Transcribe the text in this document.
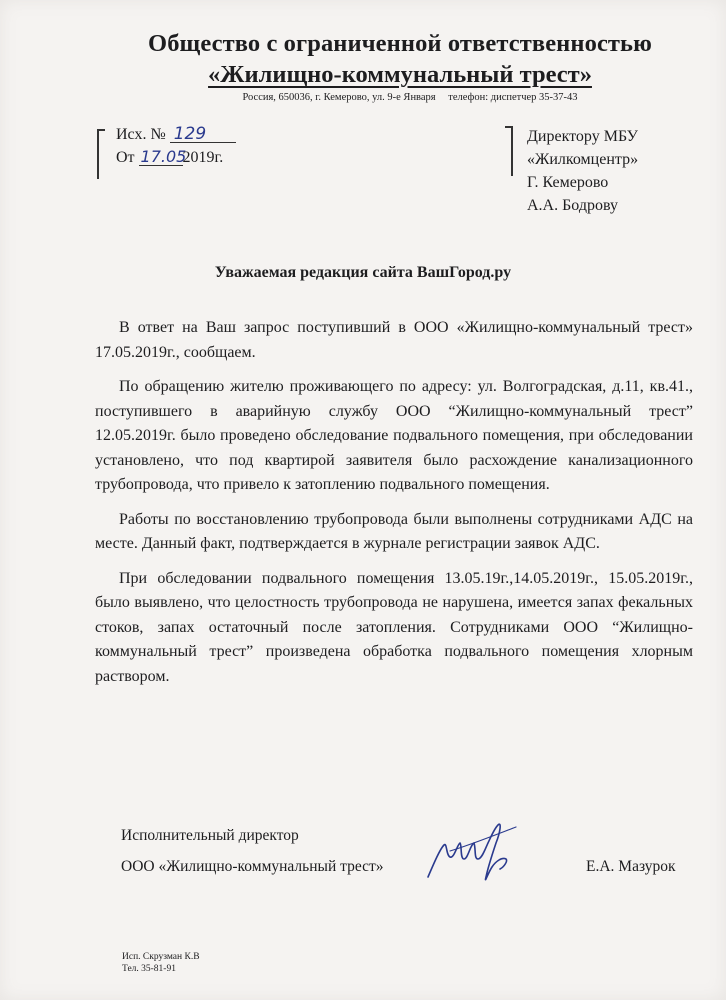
Общество с ограниченной ответственностью
«Жилищно-коммунальный трест»
Россия, 650036, г. Кемерово, ул. 9-е Января телефон: диспетчер 35-37-43
Исх. № 129
От 17.052019г.
Директору МБУ
«Жилкомцентр»
Г. Кемерово
А.А. Бодрову
Уважаемая редакция сайта ВашГород.ру

В ответ на Ваш запрос поступивший в ООО «Жилищно-коммунальный трест» 17.05.2019г., сообщаем.

По обращению жителю проживающего по адресу: ул. Волгоградская, д.11, кв.41., поступившего в аварийную службу ООО “Жилищно-коммунальный трест” 12.05.2019г. было проведено обследование подвального помещения, при обследовании установлено, что под квартирой заявителя было расхождение канализационного трубопровода, что привело к затоплению подвального помещения.

Работы по восстановлению трубопровода были выполнены сотрудниками АДС на месте. Данный факт, подтверждается в журнале регистрации заявок АДС.

При обследовании подвального помещения 13.05.19г.,14.05.2019г., 15.05.2019г., было выявлено, что целостность трубопровода не нарушена, имеется запах фекальных стоков, запах остаточный после затопления. Сотрудниками ООО “Жилищно-коммунальный трест” произведена обработка подвального помещения хлорным раствором.

Исполнительный директор
ООО «Жилищно-коммунальный трест»	Е.А. Мазурок
Исп. Скрузман К.В
Тел. 35-81-91
